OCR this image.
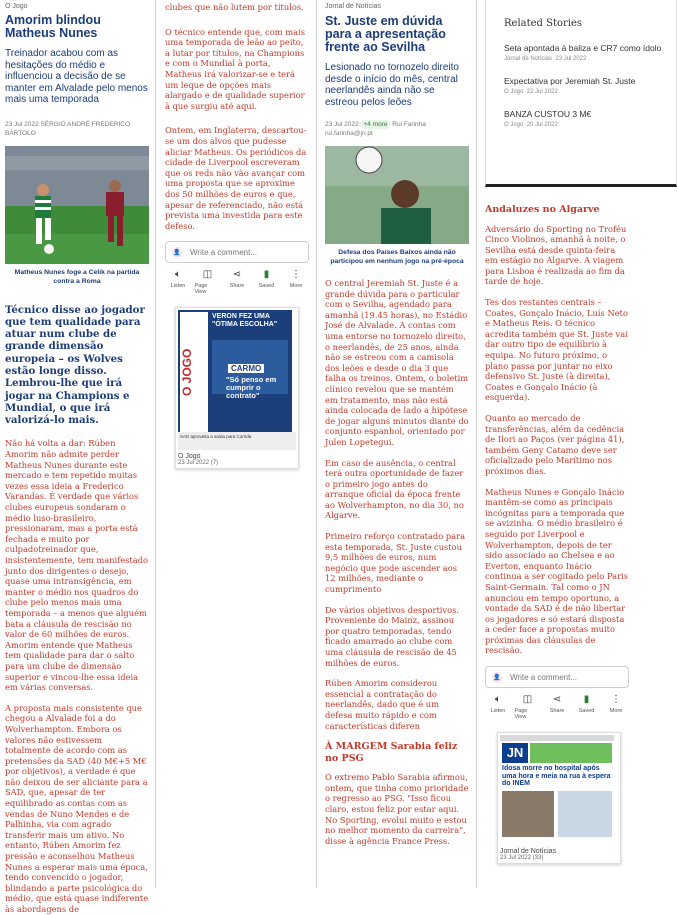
O Jogo
Amorim blindou Matheus Nunes

Treinador acabou com as hesitações do médio e influenciou a decisão de se manter em Alvalade pelo menos mais uma temporada

23 Jul 2022 SÉRGIO ANDRÉ FREDERICO BÁRTOLO
Matheus Nunes foge a Celik na partida contra a Roma
Técnico disse ao jogador que tem qualidade para atuar num clube de grande dimensão europeia – os Wolves estão longe disso. Lembrou-lhe que irá jogar na Champions e Mundial, o que irá valorizá-lo mais.

Não há volta a dar: Rúben Amorim não admite perder Matheus Nunes durante este mercado e tem repetido muitas vezes essa ideia a Frederico Varandas. É verdade que vários clubes europeus sondaram o médio luso-brasileiro, pressionaram, mas a porta está fechada e muito por culpadotreinador que, insistentemente, tem manifestado junto dos dirigentes o desejo, quase uma intransigência, em manter o médio nos quadros do clube pelo menos mais uma temporada – a menos que alguém bata a cláusula de rescisão no valor de 60 milhões de euros. Amorim entende que Matheus tem qualidade para dar o salto para um clube de dimensão superior e vincou-lhe essa ideia em várias conversas.

A proposta mais consistente que chegou a Alvalade foi a do Wolverhampton. Embora os valores não estivessem totalmente de acordo com as pretensões da SAD (40 M€+5 M€ por objetivos), a verdade é que não deixou de ser aliciante para a SAD, que, apesar de ter equilibrado as contas com as vendas de Nuno Mendes e de Palhinha, via com agrado transferir mais um ativo. No entanto, Rúben Amorim fez pressão e aconselhou Matheus Nunes a esperar mais uma época, tendo convencido o jogador, blindando a parte psicológica do médio, que está quase indiferente às abordagens de

clubes que não lutem por títulos.

O técnico entende que, com mais uma temporada de leão ao peito, a lutar por títulos, na Champions e com o Mundial à porta, Matheus irá valorizar-se e terá um leque de opções mais alargado e de qualidade superior à que surgiu até aqui.

Ontem, em Inglaterra, descartou-se um dos alvos que pudesse aliciar Matheus. Os periódicos da cidade de Liverpool escreveram que os reds não vão avançar com uma proposta que se aproxime dos 50 milhões de euros e que, apesar de referenciado, não está prevista uma investida para este defeso.

👤
Write a comment...
🔈︎
Listen
◫
Page View
⋖
Share
▮
Saved
⋮
More
O JOGO
VERON FEZ UMA "ÓTIMA ESCOLHA"
CARMO
"Só penso em cumprir o contrato"
St. Juste em dúvida para Sevilha
SAD aproveita a saída para Corrida
O Jogo
23 Jul 2022 (7)
Jornal de Notícias
St. Juste em dúvida para a apresentação frente ao Sevilha

Lesionado no tornozelo direito desde o início do mês, central neerlandês ainda não se estreou pelos leões

23 Jul 2022 +4 more Rui Farinha rui.farinha@jn.pt
Defesa dos Países Baixos ainda não participou em nenhum jogo na pré-época

O central Jeremiah St. Juste é a grande dúvida para o particular com o Sevilha, agendado para amanhã (19.45 horas), no Estádio José de Alvalade. A contas com uma entorse no tornozelo direito, o neerlandês, de 25 anos, ainda não se estreou com a camisola dos leões e desde o dia 3 que falha os treinos. Ontem, o boletim clínico revelou que se mantém em tratamento, mas não está ainda colocada de lado a hipótese de jogar alguns minutos diante do conjunto espanhol, orientado por Julen Lopetegui.

Em caso de ausência, o central terá outra oportunidade de fazer o primeiro jogo antes do arranque oficial da época frente ao Wolverhampton, no dia 30, no Algarve.

Primeiro reforço contratado para esta temporada, St. Juste custou 9,5 milhões de euros, num negócio que pode ascender aos 12 milhões, mediante o cumprimento

De vários objetivos desportivos. Proveniente do Mainz, assinou por quatro temporadas, tendo ficado amarrado ao clube com uma cláusula de rescisão de 45 milhões de euros.

Rúben Amorim considerou essencial a contratação do neerlandês, dado que é um defesa muito rápido e com características diferen

À MARGEM Sarabia feliz no PSG

O extremo Pablo Sarabia afirmou, ontem, que tinha como prioridade o regresso ao PSG. "Isso ficou claro, estou feliz por estar aqui. No Sporting, evolui muito e estou no melhor momento da carreira", disse à agência France Press.

Related Stories
Seta apontada à baliza e CR7 como ídolo
Jornal de Notícias 23 Jul 2022
Expectativa por Jeremiah St. Juste
O Jogo 22 Jul 2022
BANZA CUSTOU 3 M€
O Jogo 20 Jul 2022
Andaluzes no Algarve

Adversário do Sporting no Troféu Cinco Violinos, amanhã à noite, o Sevilha está desde quinta-feira em estágio no Algarve. A viagem para Lisboa é realizada ao fim da tarde de hoje.

Tes dos restantes centrais – Coates, Gonçalo Inácio, Luís Neto e Matheus Reis. O técnico acredita também que St. Juste vai dar outro tipo de equilíbrio à equipa. No futuro próximo, o plano passa por juntar no eixo defensivo St. Juste (à direita), Coates e Gonçalo Inácio (à esquerda).

Quanto ao mercado de transferências, além da cedência de Ilori ao Paços (ver página 41), também Geny Catamo deve ser oficializado pelo Marítimo nos próximos dias.

Matheus Nunes e Gonçalo Inácio mantêm-se como as principais incógnitas para a temporada que se avizinha. O médio brasileiro é seguido por Liverpool e Wolverhampton, depois de ter sido associado ao Chelsea e ao Everton, enquanto Inácio continua a ser cogitado pelo Paris Saint-Germain. Tal como o JN anunciou em tempo oportuno, a vontade da SAD é de não libertar os jogadores e só estará disposta a ceder face a propostas muito próximas das cláusulas de rescisão.

👤
Write a comment...
🔈︎
Listen
◫
Page View
⋖
Share
▮
Saved
⋮
More
JN
Idosa morre no hospital após uma hora e meia na rua à espera do INEM
Jornal de Notícias
23 Jul 2022 (33)
